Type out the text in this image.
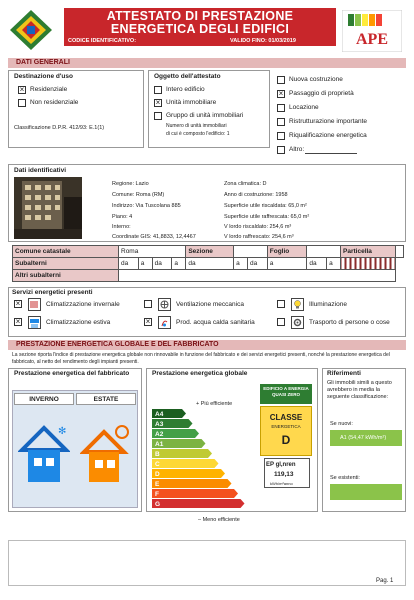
ATTESTATO DI PRESTAZIONE
ENERGETICA DEGLI EDIFICI
CODICE IDENTIFICATIVO:	VALIDO FINO: 01/03/2019	APE
DATI GENERALI
Destinazione d'uso
× Residenziale
Non residenziale
Classificazione D.P.R. 412/93: E.1(1)
Oggetto dell'attestato
Intero edificio
× Unità immobiliare
Gruppo di unità immobiliari
Numero di unità immobiliari
di cui è composto l'edificio: 1
Nuova costruzione
× Passaggio di proprietà
Locazione
Ristrutturazione importante
Riqualificazione energetica
Altro:
Dati identificativi
Regione: Lazio
Comune: Roma (RM)
Indirizzo: Via Tuscolana 885
Piano: 4
Interno:
Coordinate GIS: 41,8833, 12,4467
Zona climatica: D
Anno di costruzione: 1958
Superficie utile riscaldata: 65,0 m²
Superficie utile raffrescata: 65,0 m²
V lordo riscaldato: 254,6 m³
V lordo raffrescato: 254,6 m³
Comune catastale	Roma				Sezione			Foglio			Particella	
Subalterni	da	a	da	a	da	a	da	a	da	a		
Altri subalterni												
Servizi energetici presenti
×	Climatizzazione invernale
×	Climatizzazione estiva
Ventilazione meccanica
×	Prod. acqua calda sanitaria
Illuminazione
Trasporto di persone o cose
PRESTAZIONE ENERGETICA GLOBALE E DEL FABBRICATO
La sezione riporta l'indice di prestazione energetica globale non rinnovabile in funzione del fabbricato e dei servizi energetici presenti, nonché la prestazione energetica del fabbricato, al netto del rendimento degli impianti presenti.
Prestazione energetica del fabbricato
INVERNO	ESTATE
✻
Prestazione energetica globale
+ Più efficiente
A4
A3
A2
A1
B
C
D
E
F
G
– Meno efficiente
EDIFICIO A ENERGIA QUASI ZERO
CLASSE
ENERGETICA
D
EP gl,nren
119,13
kWh/m²anno
Riferimenti
Gli immobili simili a questo avrebbero in media la seguente classificazione:
Se nuovi:
A1 (54,47 kWh/m²)
Se esistenti:
Pag. 1
